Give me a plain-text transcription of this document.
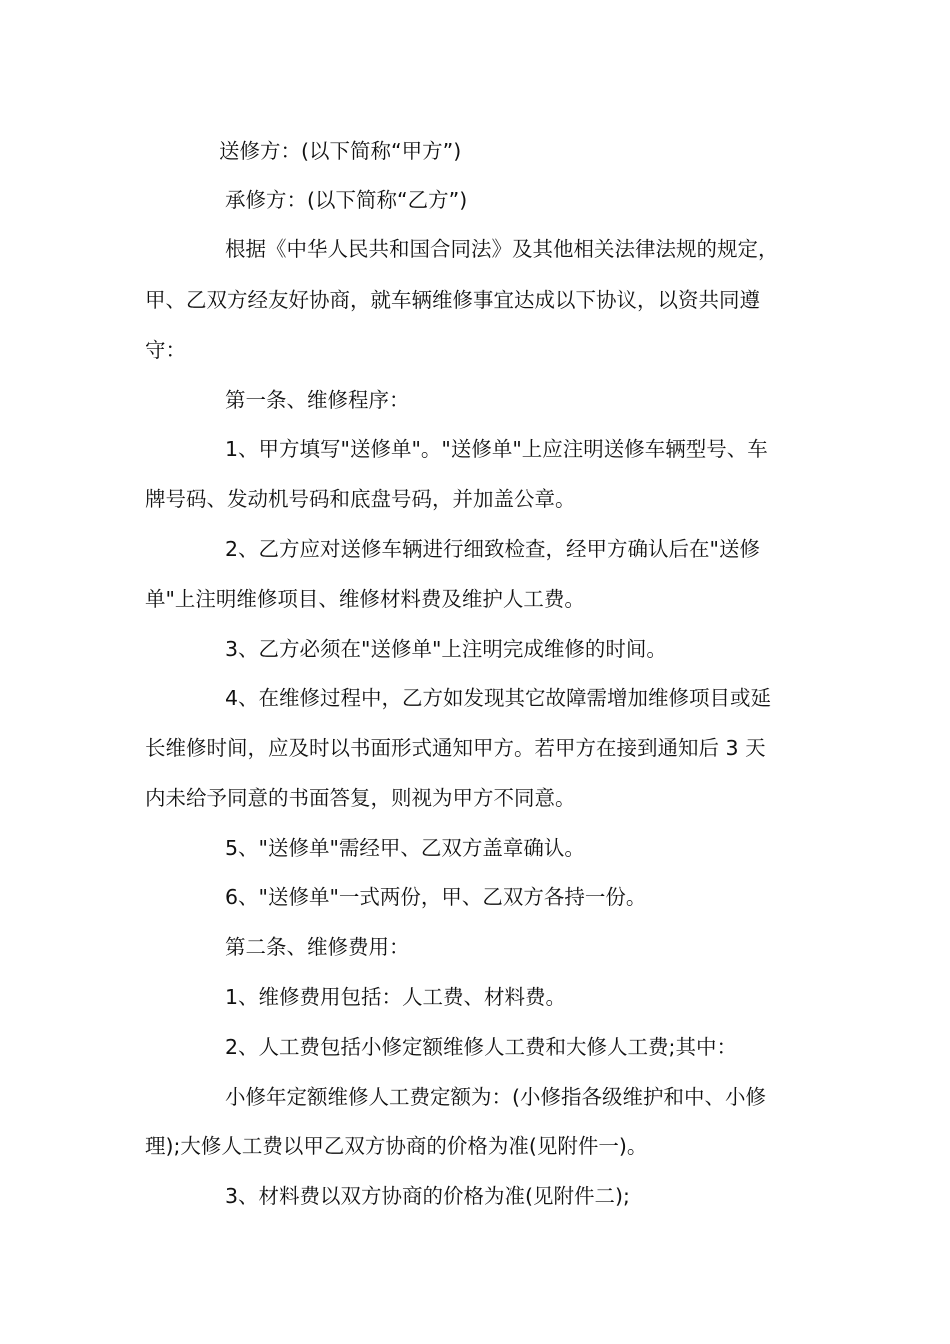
送修方：(以下简称“甲方”)
承修方：(以下简称“乙方”)
根据《中华人民共和国合同法》及其他相关法律法规的规定，
甲、乙双方经友好协商，就车辆维修事宜达成以下协议，以资共同遵
守：
第一条、维修程序：
1、甲方填写"送修单"。"送修单"上应注明送修车辆型号、车
牌号码、发动机号码和底盘号码，并加盖公章。
2、乙方应对送修车辆进行细致检查，经甲方确认后在"送修
单"上注明维修项目、维修材料费及维护人工费。
3、乙方必须在"送修单"上注明完成维修的时间。
4、在维修过程中，乙方如发现其它故障需增加维修项目或延
长维修时间，应及时以书面形式通知甲方。若甲方在接到通知后 3 天
内未给予同意的书面答复，则视为甲方不同意。
5、"送修单"需经甲、乙双方盖章确认。
6、"送修单"一式两份，甲、乙双方各持一份。
第二条、维修费用：
1、维修费用包括：人工费、材料费。
2、人工费包括小修定额维修人工费和大修人工费;其中：
小修年定额维修人工费定额为：(小修指各级维护和中、小修
理);大修人工费以甲乙双方协商的价格为准(见附件一)。
3、材料费以双方协商的价格为准(见附件二);
